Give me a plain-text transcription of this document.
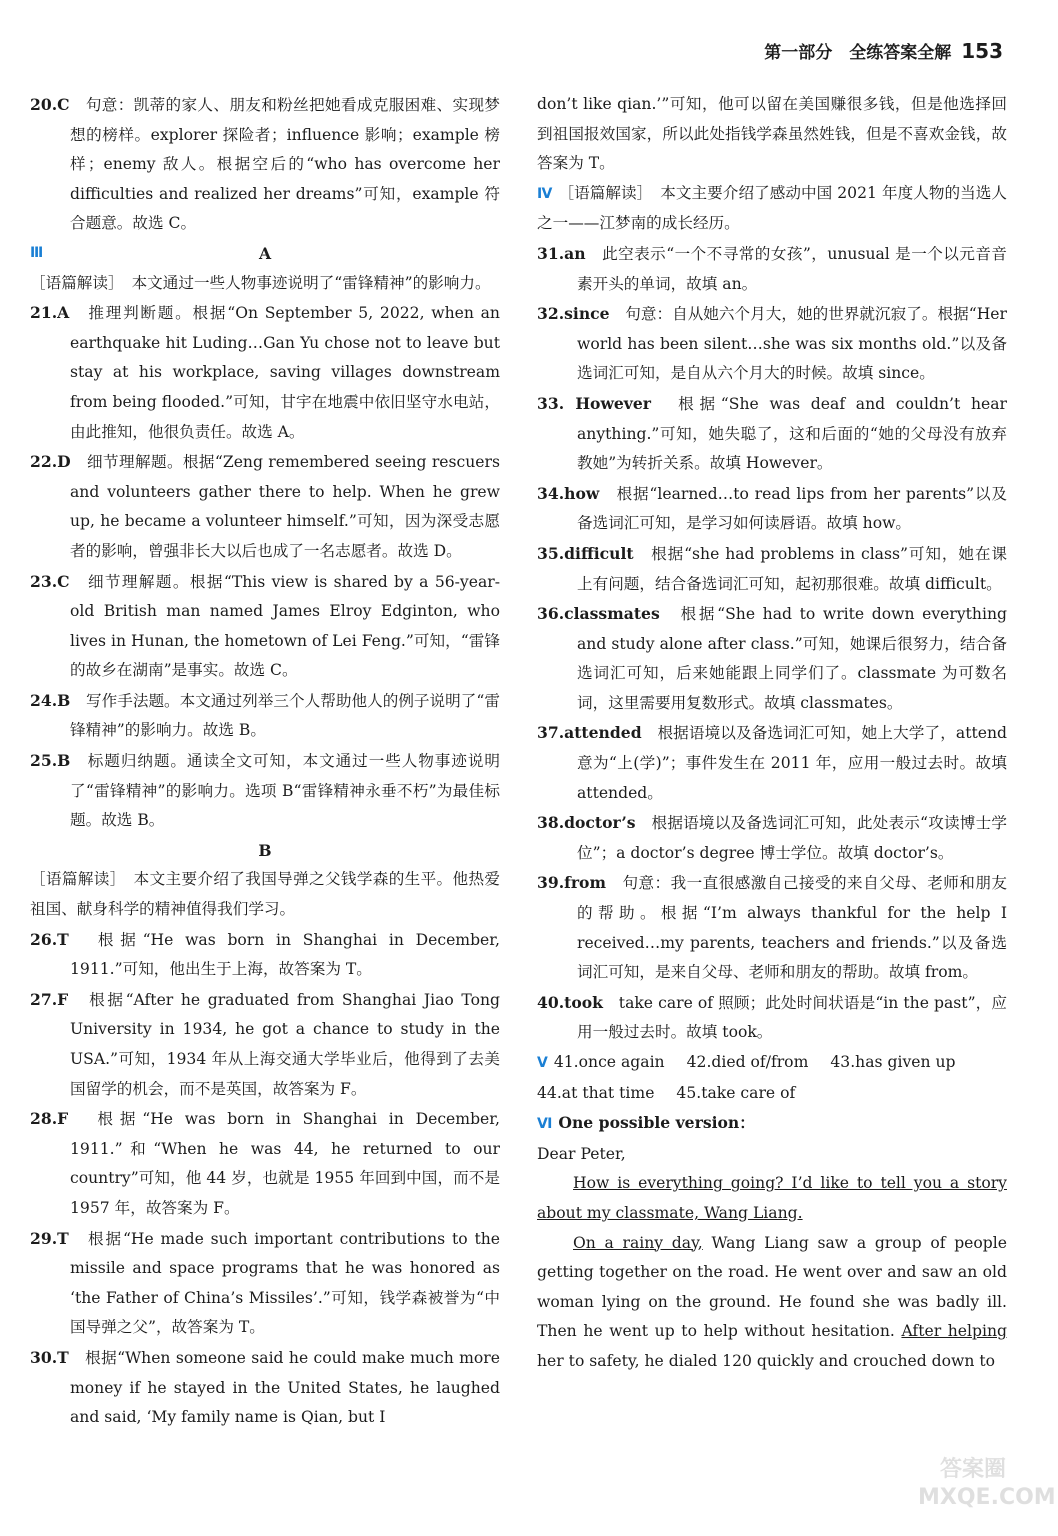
第一部分　全练答案全解 153
20.C　 句意：凯蒂的家人、朋友和粉丝把她看成克服困难、实现梦想的榜样。explorer 探险者；influence 影响；example 榜样；enemy 敌人。根据空后的“who has overcome her difficulties and realized her dreams”可知，example 符合题意。故选 C。
Ⅲ	A
［语篇解读］ 本文通过一些人物事迹说明了“雷锋精神”的影响力。
21.A　 推理判断题。根据“On September 5, 2022, when an earthquake hit Luding…Gan Yu chose not to leave but stay at his workplace, saving villages downstream from being flooded.”可知，甘宇在地震中依旧坚守水电站，由此推知，他很负责任。故选 A。
22.D　 细节理解题。根据“Zeng remembered seeing rescuers and volunteers gather there to help. When he grew up, he became a volunteer himself.”可知，因为深受志愿者的影响，曾强非长大以后也成了一名志愿者。故选 D。
23.C　 细节理解题。根据“This view is shared by a 56-year-old British man named James Elroy Edginton, who lives in Hunan, the hometown of Lei Feng.”可知，“雷锋的故乡在湖南”是事实。故选 C。
24.B　 写作手法题。本文通过列举三个人帮助他人的例子说明了“雷锋精神”的影响力。故选 B。
25.B　 标题归纳题。通读全文可知，本文通过一些人物事迹说明了“雷锋精神”的影响力。选项 B“雷锋精神永垂不朽”为最佳标题。故选 B。
B
［语篇解读］ 本文主要介绍了我国导弹之父钱学森的生平。他热爱祖国、献身科学的精神值得我们学习。
26.T　 根据“He was born in Shanghai in December, 1911.”可知，他出生于上海，故答案为 T。
27.F　 根据“After he graduated from Shanghai Jiao Tong University in 1934, he got a chance to study in the USA.”可知，1934 年从上海交通大学毕业后，他得到了去美国留学的机会，而不是英国，故答案为 F。
28.F　 根据“He was born in Shanghai in December, 1911.”和“When he was 44, he returned to our country”可知，他 44 岁，也就是 1955 年回到中国，而不是 1957 年，故答案为 F。
29.T　 根据“He made such important contributions to the missile and space programs that he was honored as ‘the Father of China’s Missiles’.”可知，钱学森被誉为“中国导弹之父”，故答案为 T。
30.T　 根据“When someone said he could make much more money if he stayed in the United States, he laughed and said, ‘My family name is Qian, but I
don’t like qian.’”可知，他可以留在美国赚很多钱，但是他选择回到祖国报效国家，所以此处指钱学森虽然姓钱，但是不喜欢金钱，故答案为 T。
Ⅳ ［语篇解读］ 本文主要介绍了感动中国 2021 年度人物的当选人之一——江梦南的成长经历。
31.an　 此空表示“一个不寻常的女孩”，unusual 是一个以元音音素开头的单词，故填 an。
32.since　 句意：自从她六个月大，她的世界就沉寂了。根据“Her world has been silent…she was six months old.”以及备选词汇可知，是自从六个月大的时候。故填 since。
33. However　 根据“She was deaf and couldn’t hear anything.”可知，她失聪了，这和后面的“她的父母没有放弃教她”为转折关系。故填 However。
34.how　 根据“learned…to read lips from her parents”以及备选词汇可知，是学习如何读唇语。故填 how。
35.difficult　 根据“she had problems in class”可知，她在课上有问题，结合备选词汇可知，起初那很难。故填 difficult。
36.classmates　 根据“She had to write down everything and study alone after class.”可知，她课后很努力，结合备选词汇可知，后来她能跟上同学们了。classmate 为可数名词，这里需要用复数形式。故填 classmates。
37.attended　 根据语境以及备选词汇可知，她上大学了，attend 意为“上(学)”；事件发生在 2011 年，应用一般过去时。故填 attended。
38.doctor’s　 根据语境以及备选词汇可知，此处表示“攻读博士学位”；a doctor’s degree 博士学位。故填 doctor’s。
39.from　 句意：我一直很感激自己接受的来自父母、老师和朋友的帮助。根据“I’m always thankful for the help I received…my parents, teachers and friends.”以及备选词汇可知，是来自父母、老师和朋友的帮助。故填 from。
40.took　 take care of 照顾；此处时间状语是“in the past”，应用一般过去时。故填 took。
Ⅴ 41.once again 42.died of/from 43.has given up
44.at that time 45.take care of
Ⅵ One possible version：
Dear Peter,
How is everything going? I’d like to tell you a story about my classmate, Wang Liang.
On a rainy day, Wang Liang saw a group of people getting together on the road. He went over and saw an old woman lying on the ground. He found she was badly ill. Then he went up to help without hesitation. After helping her to safety, he dialed 120 quickly and crouched down to
答案圈
MXQE.COM
